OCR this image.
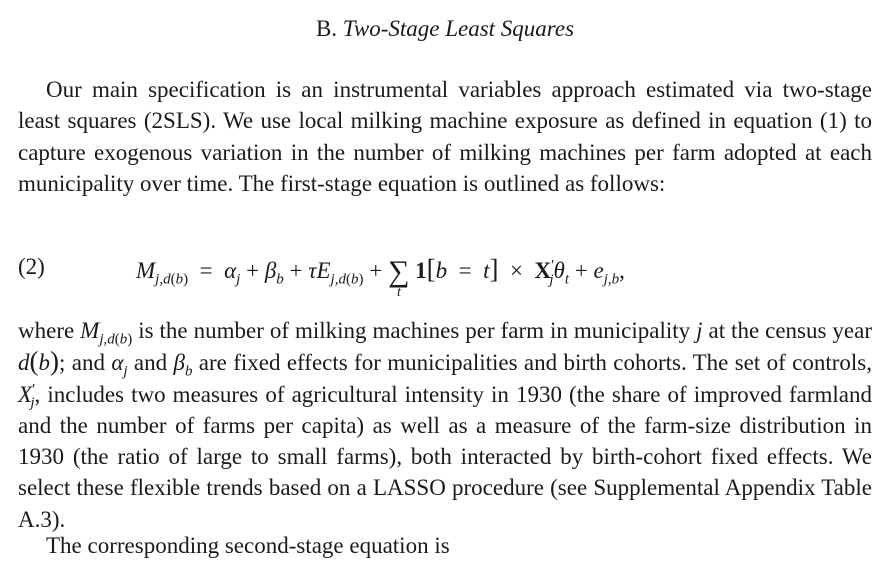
B. Two-Stage Least Squares

Our main specification is an instrumental variables approach estimated via two-stage least squares (2SLS). We use local milking machine exposure as defined in equation (1) to capture exogenous variation in the number of milking machines per farm adopted at each municipality over time. The first-stage equation is outlined as follows:

(2)	$M_{j,d(b)} = \alpha_j + \beta_b + \tau E_{j,d(b)}$ + ∑
t
$1[b = t] \times X'_j\theta_t + e_{j,b}$,

where $M_{j,d(b)}$ is the number of milking machines per farm in municipality j at the census year d(b); and $\alpha_j$ and $\beta_b$ are fixed effects for municipalities and birth cohorts. The set of controls, $X'_j$, includes two measures of agricultural intensity in 1930 (the share of improved farmland and the number of farms per capita) as well as a measure of the farm-size distribution in 1930 (the ratio of large to small farms), both interacted by birth-cohort fixed effects. We select these flexible trends based on a LASSO procedure (see Supplemental Appendix Table A.3).

The corresponding second-stage equation is
